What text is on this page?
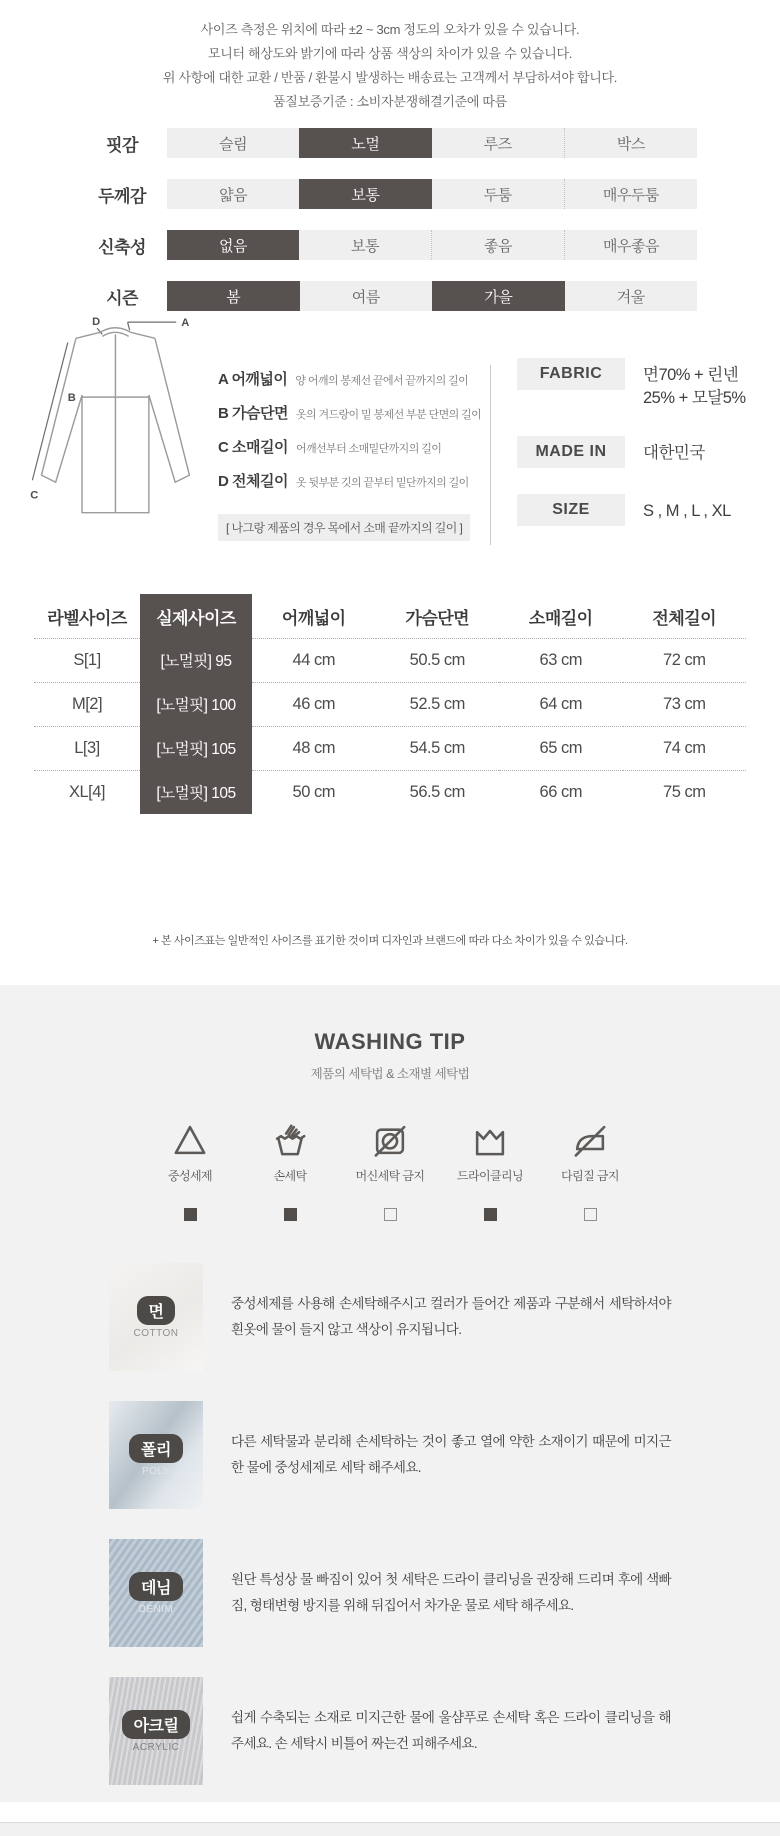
사이즈 측정은 위치에 따라 ±2 ~ 3cm 정도의 오차가 있을 수 있습니다.

모니터 해상도와 밝기에 따라 상품 색상의 차이가 있을 수 있습니다.

위 사항에 대한 교환 / 반품 / 환불시 발생하는 배송료는 고객께서 부담하셔야 합니다.

품질보증기준 : 소비자분쟁해결기준에 따름

핏감	슬림	노멀	루즈	박스
두께감	얇음	보통	두툼	매우두툼
신축성	없음	보통	좋음	매우좋음
시즌	봄	여름	가을	겨울
A
D
B
C
A 어깨넓이 양 어깨의 봉제선 끝에서 끝까지의 길이
B 가슴단면 옷의 겨드랑이 밑 봉제선 부분 단면의 길이
C 소매길이 어깨선부터 소매밑단까지의 길이
D 전체길이 옷 뒷부분 깃의 끝부터 밑단까지의 길이
[ 나그랑 제품의 경우 목에서 소매 끝까지의 길이 ]
FABRIC	면70% + 린넨25% + 모달5%
MADE IN	대한민국
SIZE	S , M , L , XL
라벨사이즈	실제사이즈	어깨넓이	가슴단면	소매길이	전체길이
S[1]	[노멀핏] 95	44 cm	50.5 cm	63 cm	72 cm
M[2]	[노멀핏] 100	46 cm	52.5 cm	64 cm	73 cm
L[3]	[노멀핏] 105	48 cm	54.5 cm	65 cm	74 cm
XL[4]	[노멀핏] 105	50 cm	56.5 cm	66 cm	75 cm

+ 본 사이즈표는 일반적인 사이즈를 표기한 것이며 디자인과 브랜드에 따라 다소 차이가 있을 수 있습니다.

WASHING TIP
제품의 세탁법 & 소재별 세탁법
중성세제	손세탁	머신세탁 금지	드라이클리닝	다림질 금지
면
COTTON

중성세제를 사용해 손세탁해주시고 컬러가 들어간 제품과 구분해서 세탁하셔야 흰옷에 물이 들지 않고 색상이 유지됩니다.

폴리
POLY

다른 세탁물과 분리해 손세탁하는 것이 좋고 열에 약한 소재이기 때문에 미지근한 물에 중성세제로 세탁 해주세요.

데님
DENIM

원단 특성상 물 빠짐이 있어 첫 세탁은 드라이 클리닝을 권장해 드리며 후에 색빠짐, 형태변형 방지를 위해 뒤집어서 차가운 물로 세탁 해주세요.

아크릴
ACRYLIC

쉽게 수축되는 소재로 미지근한 물에 울샴푸로 손세탁 혹은 드라이 클리닝을 해주세요. 손 세탁시 비틀어 짜는건 피해주세요.
